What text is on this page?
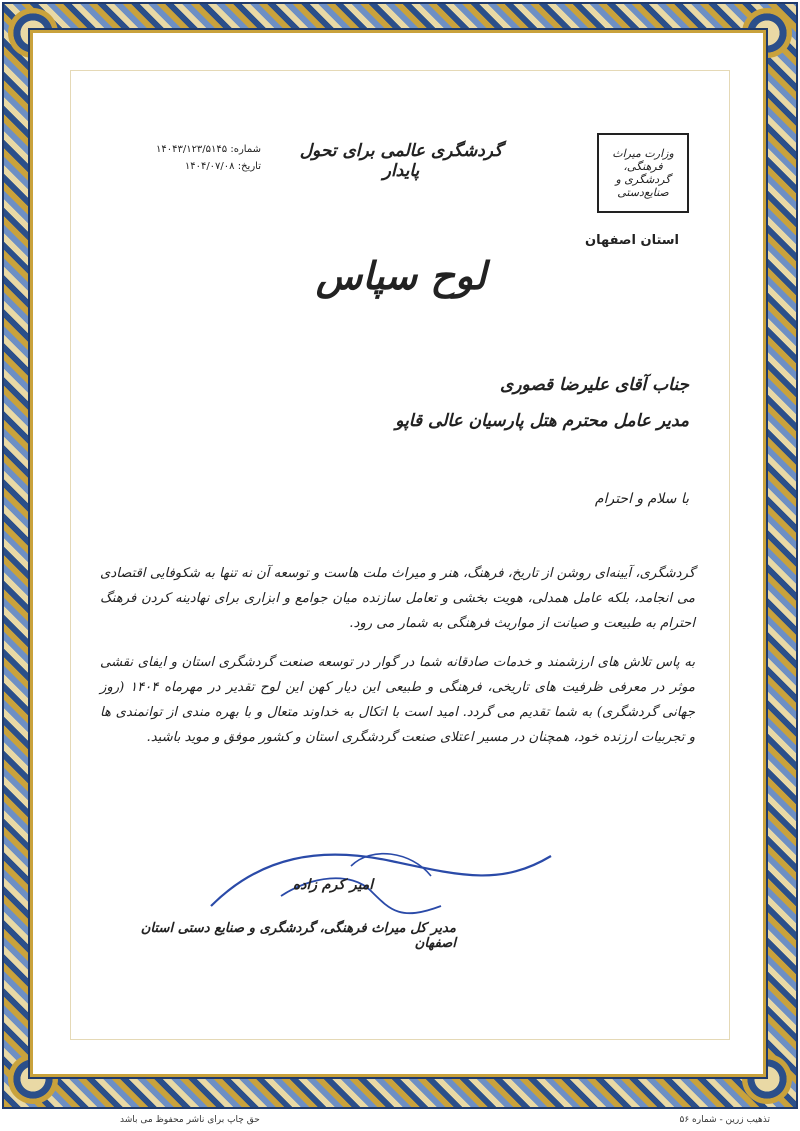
وزارت میراث فرهنگی، گردشگری و صنایع‌دستی
استان اصفهان
گردشگری عالمی برای تحول پایدار
شماره: ۱۴۰۴۳/۱۲۳/۵۱۴۵
تاریخ: ۱۴۰۴/۰۷/۰۸
لوح سپاس
جناب آقای علیرضا قصوری
مدیر عامل محترم هتل پارسیان عالی قاپو
با سلام و احترام

گردشگری، آیینه‌ای روشن از تاریخ، فرهنگ، هنر و میراث ملت هاست و توسعه آن نه تنها به شکوفایی اقتصادی می انجامد، بلکه عامل همدلی، هویت بخشی و تعامل سازنده میان جوامع و ابزاری برای نهادینه کردن فرهنگ احترام به طبیعت و صیانت از مواریث فرهنگی به شمار می رود.

به پاس تلاش های ارزشمند و خدمات صادقانه شما در گوار در توسعه صنعت گردشگری استان و ایفای نقشی موثر در معرفی ظرفیت های تاریخی، فرهنگی و طبیعی این دیار کهن این لوح تقدیر در مهرماه ۱۴۰۴ (روز جهانی گردشگری) به شما تقدیم می گردد. امید است با اتکال به خداوند متعال و با بهره مندی از توانمندی ها و تجربیات ارزنده خود، همچنان در مسیر اعتلای صنعت گردشگری استان و کشور موفق و موید باشید.

امیر کرم زاده
مدیر کل میراث فرهنگی، گردشگری و صنایع دستی استان اصفهان
حق چاپ برای ناشر محفوظ می باشد	تذهیب زرین - شماره ۵۶
